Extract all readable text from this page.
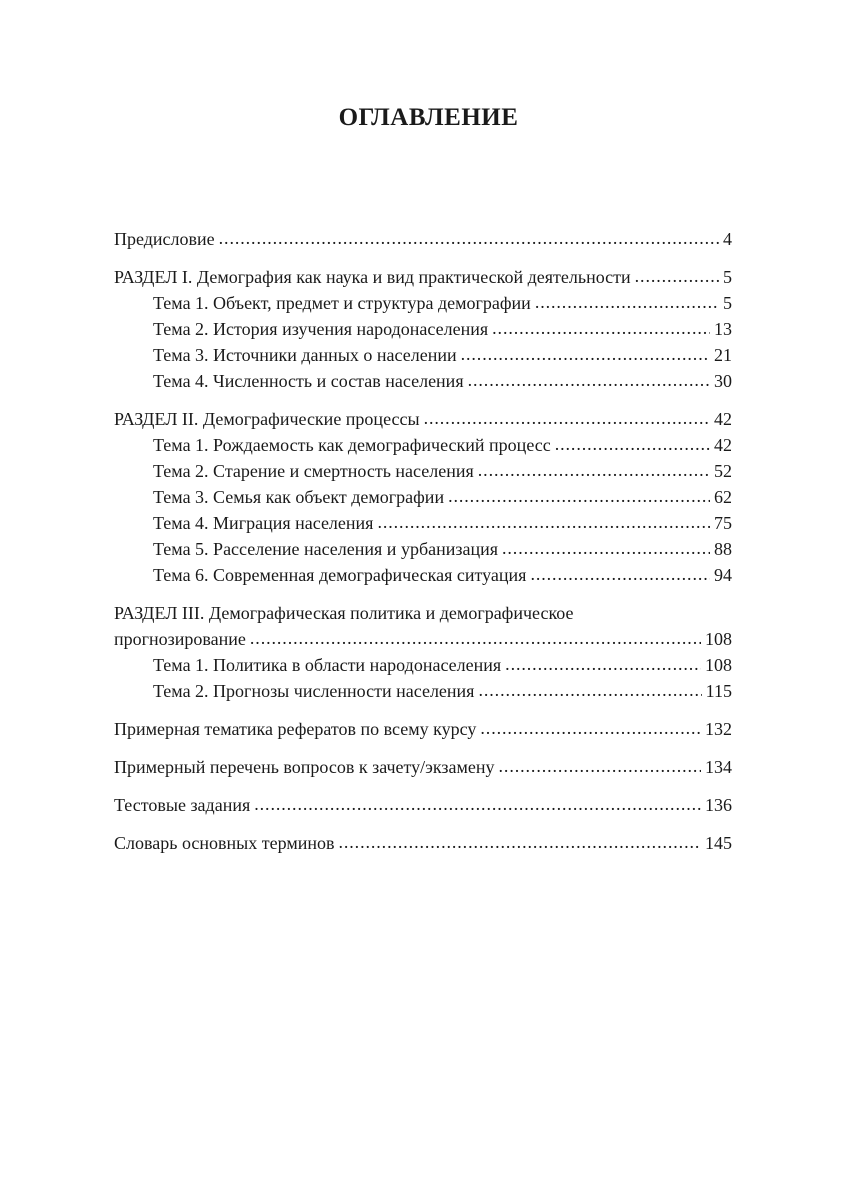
ОГЛАВЛЕНИЕ
Предисловие .....	4
РАЗДЕЛ I. Демография как наука и вид практической деятельности .....	5
Тема 1. Объект, предмет и структура демографии .....	5
Тема 2. История изучения народонаселения .....	13
Тема 3. Источники данных о населении .....	21
Тема 4. Численность и состав населения .....	30
РАЗДЕЛ II. Демографические процессы .....	42
Тема 1. Рождаемость как демографический процесс .....	42
Тема 2. Старение и смертность населения .....	52
Тема 3. Семья как объект демографии .....	62
Тема 4. Миграция населения .....	75
Тема 5. Расселение населения и урбанизация .....	88
Тема 6. Современная демографическая ситуация .....	94
РАЗДЕЛ III. Демографическая политика и демографическое
прогнозирование .....	108
Тема 1. Политика в области народонаселения .....	108
Тема 2. Прогнозы численности населения .....	115
Примерная тематика рефератов по всему курсу .....	132
Примерный перечень вопросов к зачету/экзамену .....	134
Тестовые задания .....	136
Словарь основных терминов .....	145
